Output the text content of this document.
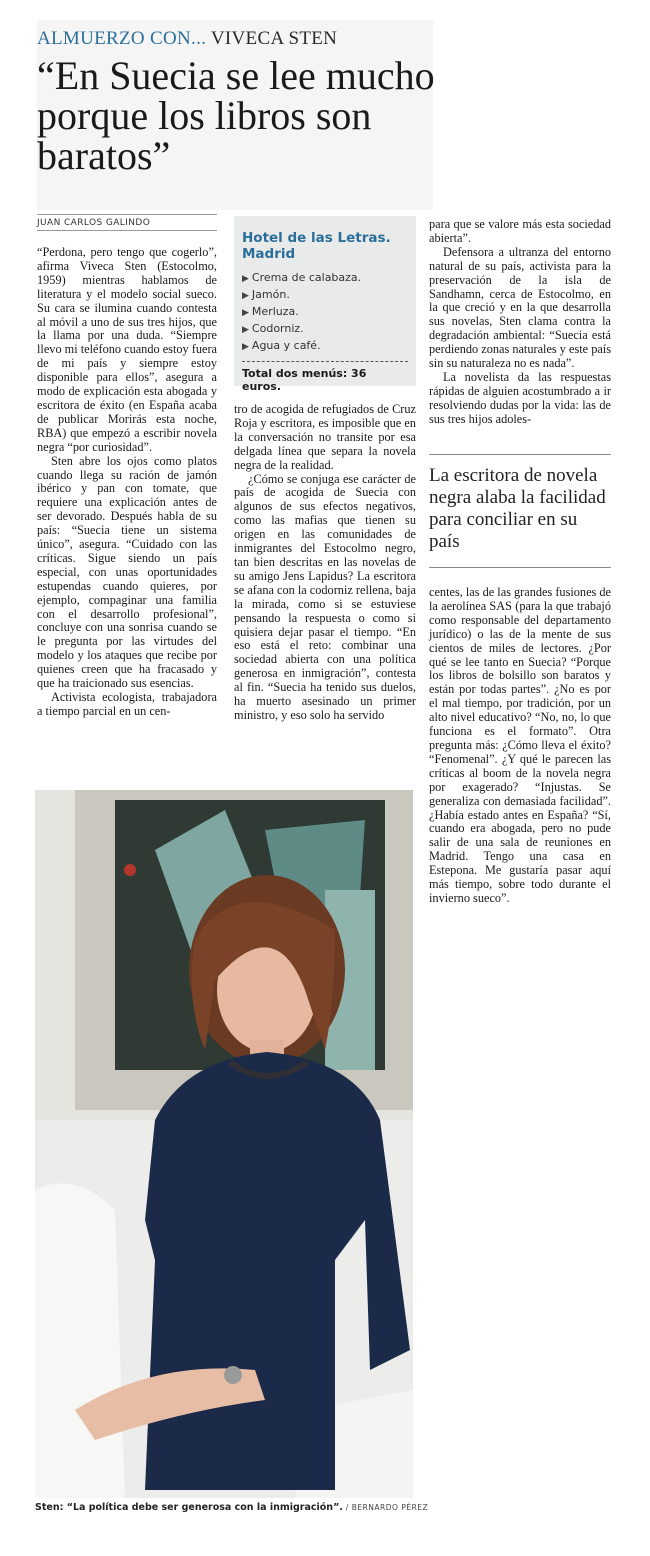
ALMUERZO CON... VIVECA STEN
“En Suecia se lee mucho porque los libros son baratos”
JUAN CARLOS GALINDO

“Perdona, pero tengo que cogerlo”, afirma Viveca Sten (Estocolmo, 1959) mientras hablamos de literatura y el modelo social sueco. Su cara se ilumina cuando contesta al móvil a uno de sus tres hijos, que la llama por una duda. “Siempre llevo mi teléfono cuando estoy fuera de mi país y siempre estoy disponible para ellos”, asegura a modo de explicación esta abogada y escritora de éxito (en España acaba de publicar Morirás esta noche, RBA) que empezó a escribir novela negra “por curiosidad”.

Sten abre los ojos como platos cuando llega su ración de jamón ibérico y pan con tomate, que requiere una explicación antes de ser devorado. Después habla de su país: “Suecia tiene un sistema único”, asegura. “Cuidado con las críticas. Sigue siendo un país especial, con unas oportunidades estupendas cuando quieres, por ejemplo, compaginar una familia con el desarrollo profesional”, concluye con una sonrisa cuando se le pregunta por las virtudes del modelo y los ataques que recibe por quienes creen que ha fracasado y que ha traicionado sus esencias.

Activista ecologista, trabajadora a tiempo parcial en un cen-

Hotel de las Letras. Madrid
▶ Crema de calabaza.
▶ Jamón.
▶ Merluza.
▶ Codorniz.
▶ Agua y café.
Total dos menús: 36 euros.

tro de acogida de refugiados de Cruz Roja y escritora, es imposible que en la conversación no transite por esa delgada línea que separa la novela negra de la realidad.

¿Cómo se conjuga ese carácter de país de acogida de Suecia con algunos de sus efectos negativos, como las mafias que tienen su origen en las comunidades de inmigrantes del Estocolmo negro, tan bien descritas en las novelas de su amigo Jens Lapidus? La escritora se afana con la codorniz rellena, baja la mirada, como si se estuviese pensando la respuesta o como si quisiera dejar pasar el tiempo. “En eso está el reto: combinar una sociedad abierta con una política generosa en inmigración”, contesta al fin. “Suecia ha tenido sus duelos, ha muerto asesinado un primer ministro, y eso solo ha servido

para que se valore más esta sociedad abierta”.

Defensora a ultranza del entorno natural de su país, activista para la preservación de la isla de Sandhamn, cerca de Estocolmo, en la que creció y en la que desarrolla sus novelas, Sten clama contra la degradación ambiental: “Suecia está perdiendo zonas naturales y este país sin su naturaleza no es nada”.

La novelista da las respuestas rápidas de alguien acostumbrado a ir resolviendo dudas por la vida: las de sus tres hijos adoles-

La escritora de novela negra alaba la facilidad para conciliar en su país

centes, las de las grandes fusiones de la aerolínea SAS (para la que trabajó como responsable del departamento jurídico) o las de la mente de sus cientos de miles de lectores. ¿Por qué se lee tanto en Suecia? “Porque los libros de bolsillo son baratos y están por todas partes”. ¿No es por el mal tiempo, por tradición, por un alto nivel educativo? “No, no, lo que funciona es el formato”. Otra pregunta más: ¿Cómo lleva el éxito? “Fenomenal”. ¿Y qué le parecen las críticas al boom de la novela negra por exagerado? “Injustas. Se generaliza con demasiada facilidad”. ¿Había estado antes en España? “Sí, cuando era abogada, pero no pude salir de una sala de reuniones en Madrid. Tengo una casa en Estepona. Me gustaría pasar aquí más tiempo, sobre todo durante el invierno sueco”.

Sten: “La política debe ser generosa con la inmigración”. / BERNARDO PÉREZ
